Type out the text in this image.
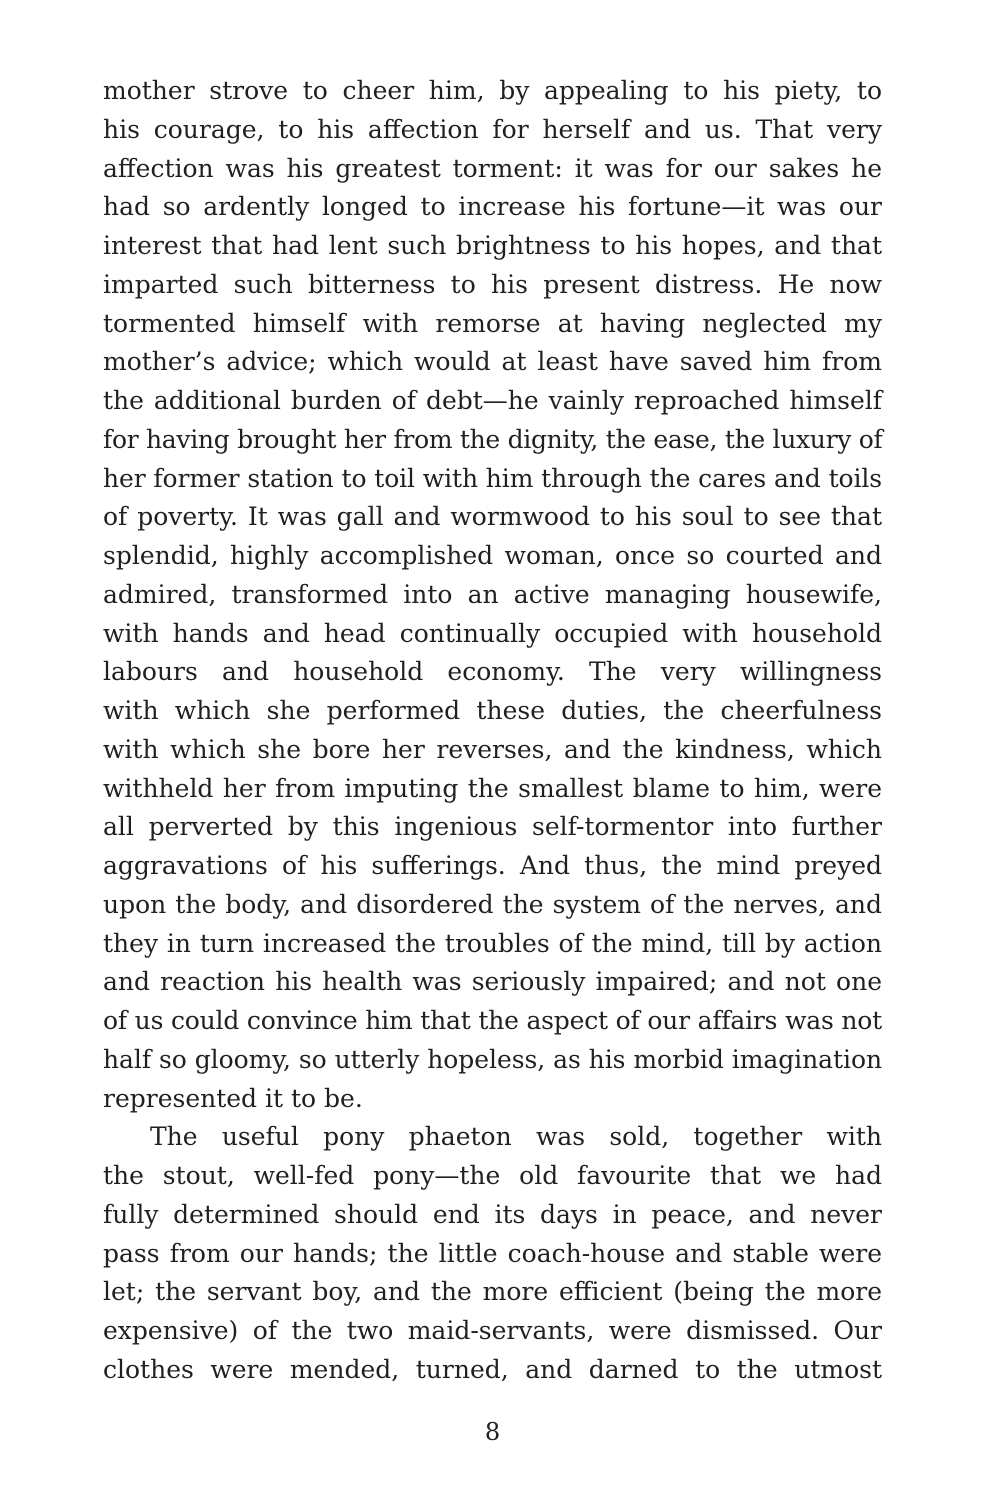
mother strove to cheer him, by appealing to his piety, to
his courage, to his affection for herself and us. That very
affection was his greatest torment: it was for our sakes he
had so ardently longed to increase his fortune—it was our
interest that had lent such brightness to his hopes, and that
imparted such bitterness to his present distress. He now
tormented himself with remorse at having neglected my
mother’s advice; which would at least have saved him from
the additional burden of debt—he vainly reproached himself
for having brought her from the dignity, the ease, the luxury of
her former station to toil with him through the cares and toils
of poverty. It was gall and wormwood to his soul to see that
splendid, highly accomplished woman, once so courted and
admired, transformed into an active managing housewife,
with hands and head continually occupied with household
labours and household economy. The very willingness
with which she performed these duties, the cheerfulness
with which she bore her reverses, and the kindness, which
withheld her from imputing the smallest blame to him, were
all perverted by this ingenious self-tormentor into further
aggravations of his sufferings. And thus, the mind preyed
upon the body, and disordered the system of the nerves, and
they in turn increased the troubles of the mind, till by action
and reaction his health was seriously impaired; and not one
of us could convince him that the aspect of our affairs was not
half so gloomy, so utterly hopeless, as his morbid imagination
represented it to be.
The useful pony phaeton was sold, together with
the stout, well-fed pony—the old favourite that we had
fully determined should end its days in peace, and never
pass from our hands; the little coach-house and stable were
let; the servant boy, and the more efficient (being the more
expensive) of the two maid-servants, were dismissed. Our
clothes were mended, turned, and darned to the utmost
8
